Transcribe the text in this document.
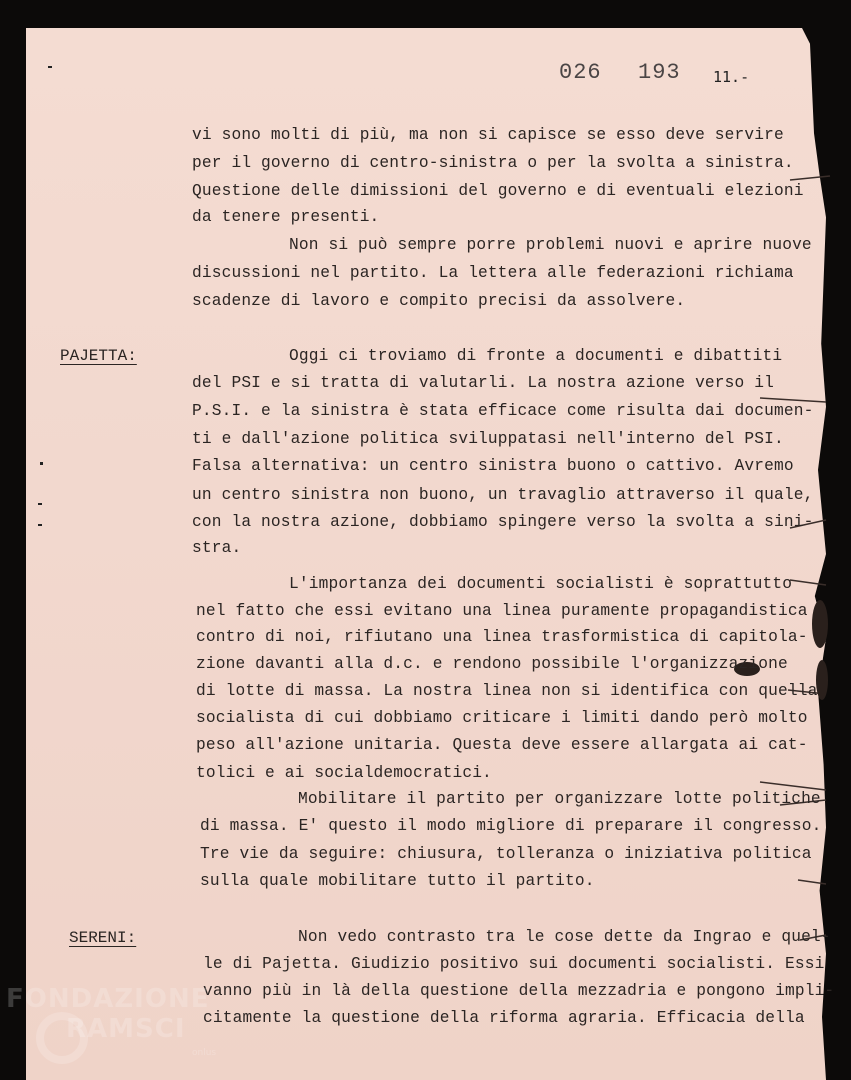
026 193 11.-
vi sono molti di più, ma non si capisce se esso deve servire
per il governo di centro-sinistra o per la svolta a sinistra.
Questione delle dimissioni del governo e di eventuali elezioni
da tenere presenti.
Non si può sempre porre problemi nuovi e aprire nuove
discussioni nel partito. La lettera alle federazioni richiama
scadenze di lavoro e compito precisi da assolvere.
PAJETTA:	Oggi ci troviamo di fronte a documenti e dibattiti
del PSI e si tratta di valutarli. La nostra azione verso il
P.S.I. e la sinistra è stata efficace come risulta dai documen-
ti e dall'azione politica sviluppatasi nell'interno del PSI.
Falsa alternativa: un centro sinistra buono o cattivo. Avremo
un centro sinistra non buono, un travaglio attraverso il quale,
con la nostra azione, dobbiamo spingere verso la svolta a sini-
stra.
L'importanza dei documenti socialisti è soprattutto
nel fatto che essi evitano una linea puramente propagandistica
contro di noi, rifiutano una linea trasformistica di capitola-
zione davanti alla d.c. e rendono possibile l'organizzazione
di lotte di massa. La nostra linea non si identifica con quella
socialista di cui dobbiamo criticare i limiti dando però molto
peso all'azione unitaria. Questa deve essere allargata ai cat-
tolici e ai socialdemocratici.
Mobilitare il partito per organizzare lotte politiche
di massa. E' questo il modo migliore di preparare il congresso.
Tre vie da seguire: chiusura, tolleranza o iniziativa politica
sulla quale mobilitare tutto il partito.
SERENI:	Non vedo contrasto tra le cose dette da Ingrao e quel-
le di Pajetta. Giudizio positivo sui documenti socialisti. Essi
vanno più in là della questione della mezzadria e pongono impli-
citamente la questione della riforma agraria. Efficacia della
FONDAZIONE
RAMSCI
onlus
